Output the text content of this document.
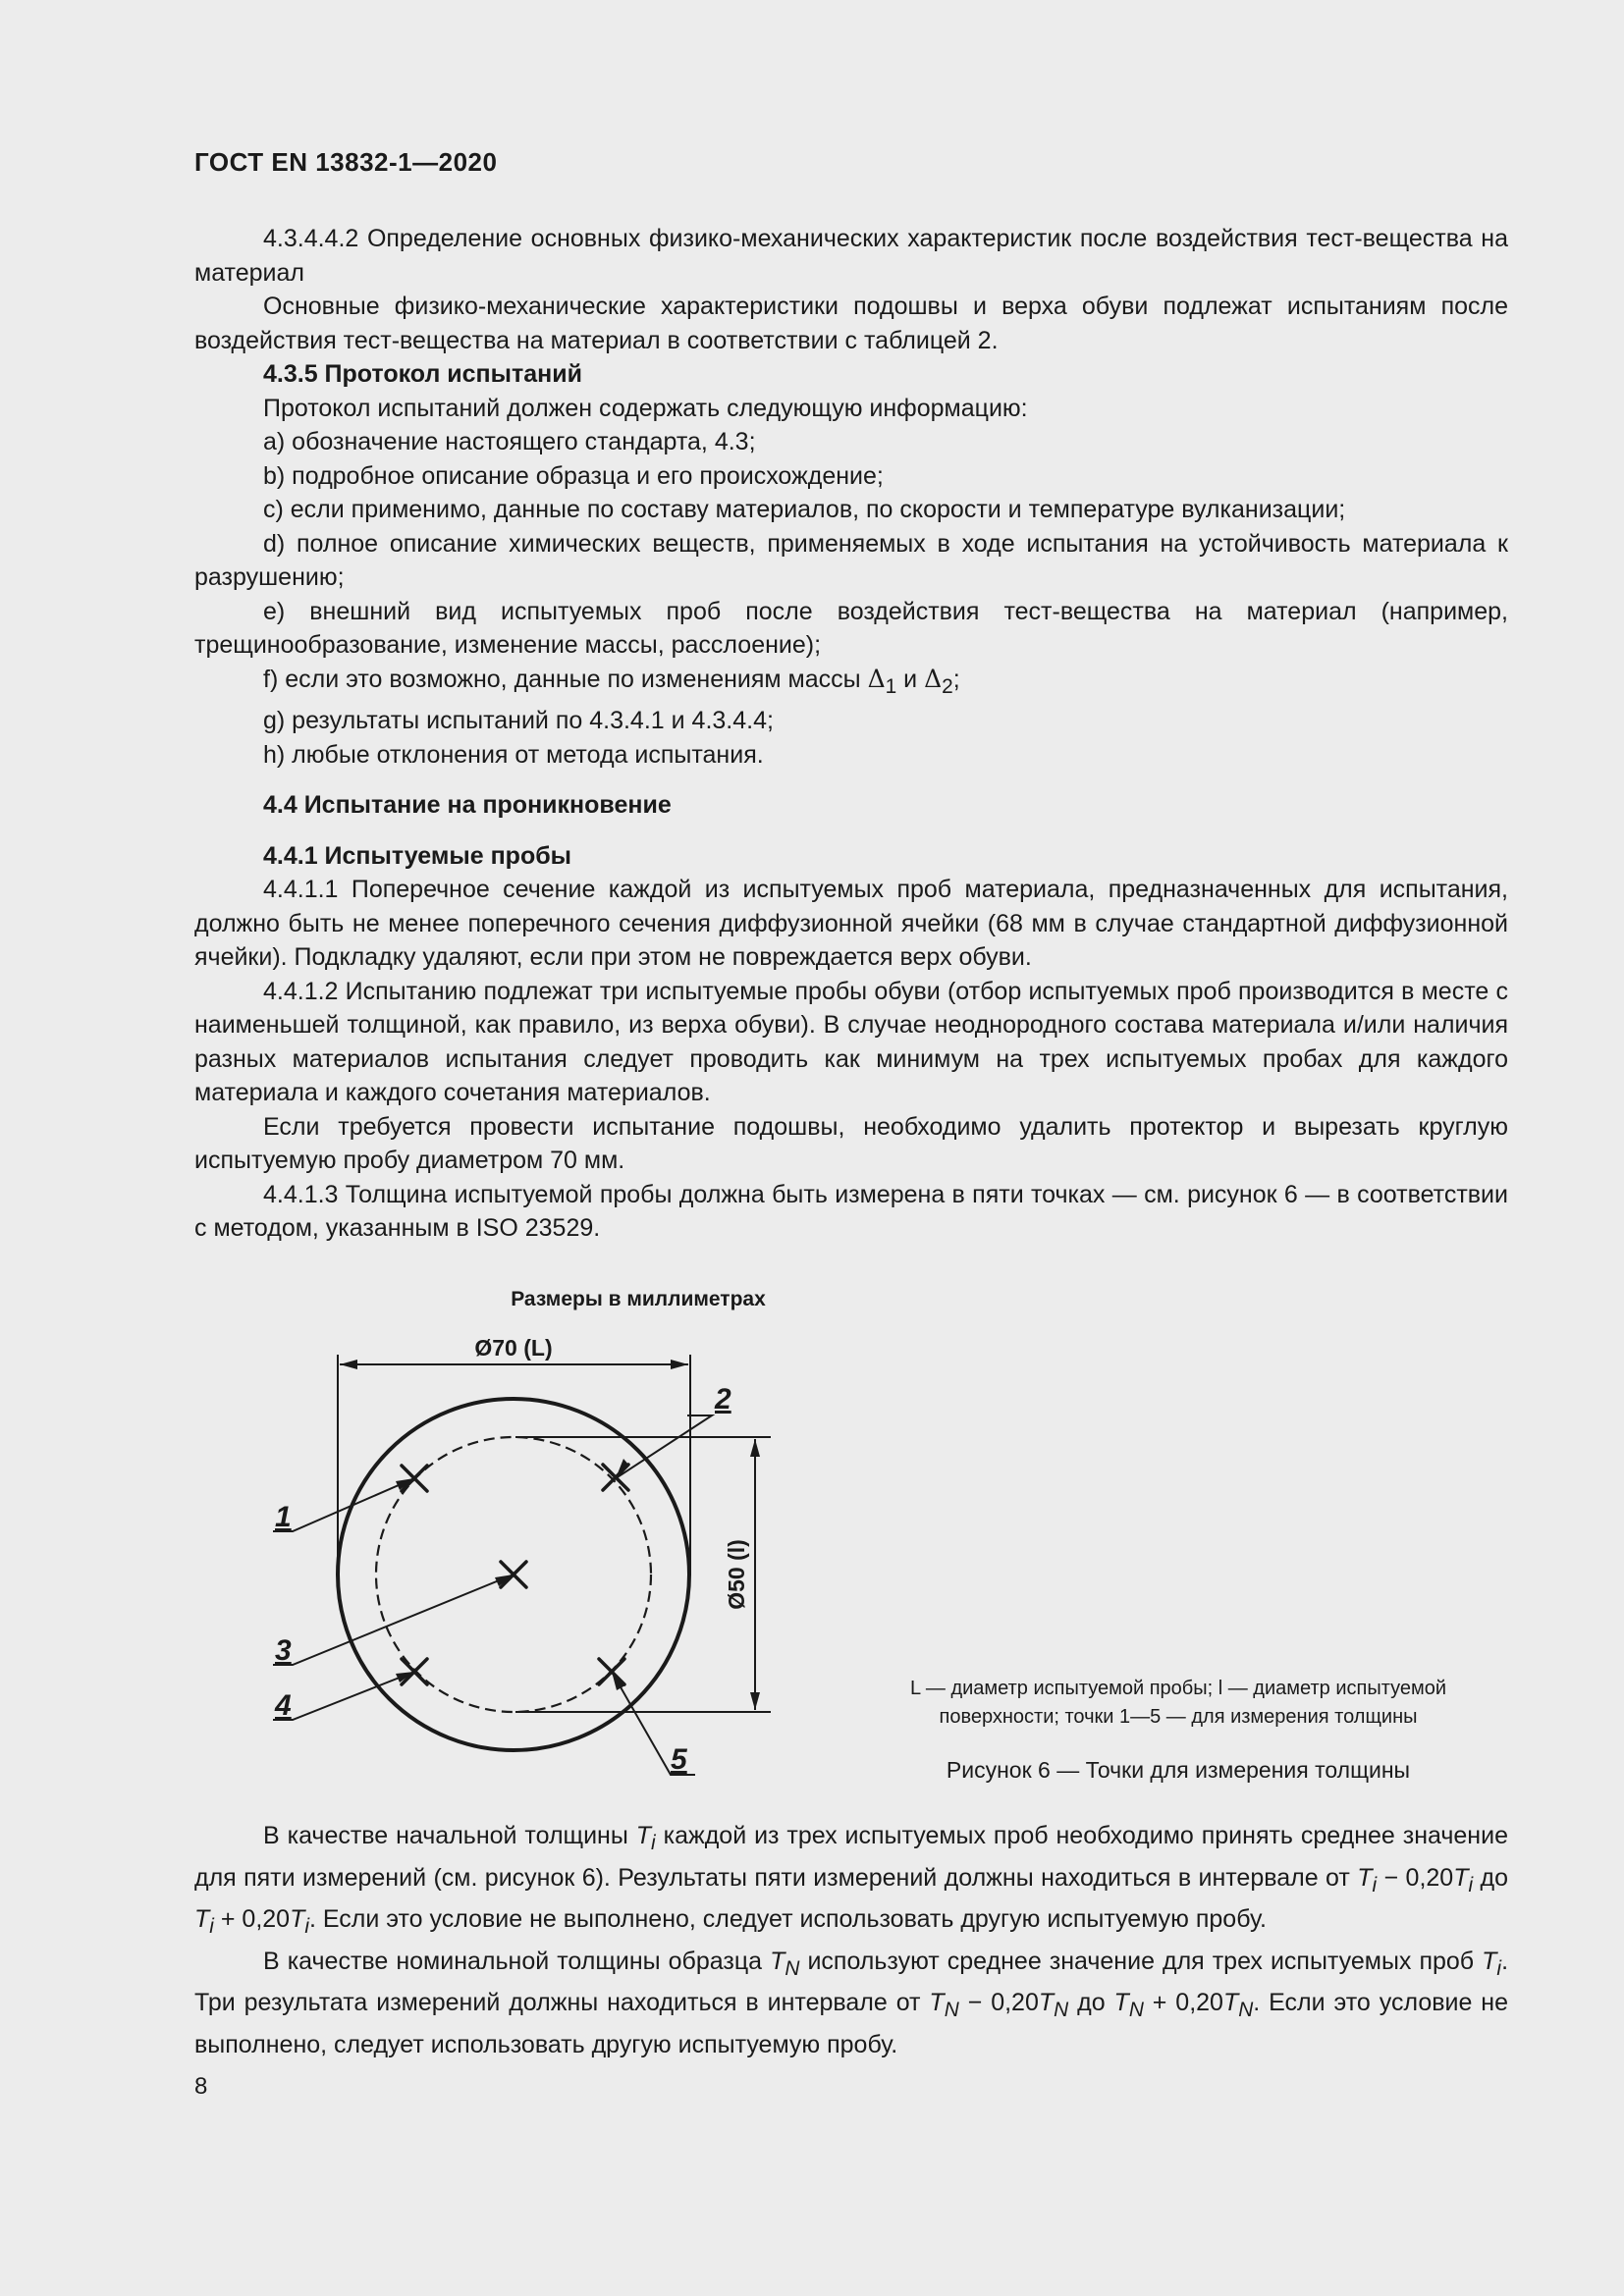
ГОСТ EN 13832-1—2020

4.3.4.4.2 Определение основных физико-механических характеристик после воздействия тест-вещества на материал

Основные физико-механические характеристики подошвы и верха обуви подлежат испытаниям после воздействия тест-вещества на материал в соответствии с таблицей 2.

4.3.5 Протокол испытаний

Протокол испытаний должен содержать следующую информацию:

a) обозначение настоящего стандарта, 4.3;

b) подробное описание образца и его происхождение;

c) если применимо, данные по составу материалов, по скорости и температуре вулканизации;

d) полное описание химических веществ, применяемых в ходе испытания на устойчивость материала к разрушению;

e) внешний вид испытуемых проб после воздействия тест-вещества на материал (например, трещинообразование, изменение массы, расслоение);

f) если это возможно, данные по изменениям массы $\Delta_1$ и $\Delta_2$;

g) результаты испытаний по 4.3.4.1 и 4.3.4.4;

h) любые отклонения от метода испытания.

4.4 Испытание на проникновение

4.4.1 Испытуемые пробы

4.4.1.1 Поперечное сечение каждой из испытуемых проб материала, предназначенных для испытания, должно быть не менее поперечного сечения диффузионной ячейки (68 мм в случае стандартной диффузионной ячейки). Подкладку удаляют, если при этом не повреждается верх обуви.

4.4.1.2 Испытанию подлежат три испытуемые пробы обуви (отбор испытуемых проб производится в месте с наименьшей толщиной, как правило, из верха обуви). В случае неоднородного состава материала и/или наличия разных материалов испытания следует проводить как минимум на трех испытуемых пробах для каждого материала и каждого сочетания материалов.

Если требуется провести испытание подошвы, необходимо удалить протектор и вырезать круглую испытуемую пробу диаметром 70 мм.

4.4.1.3 Толщина испытуемой пробы должна быть измерена в пяти точках — см. рисунок 6 — в соответствии с методом, указанным в ISO 23529.

Размеры в миллиметрах
Ø70 (L)
Ø50 (l)
1
2
3
4
5
L — диаметр испытуемой пробы; l — диаметр испытуемой
поверхности; точки 1—5 — для измерения толщины
Рисунок 6 — Точки для измерения толщины

В качестве начальной толщины $T_i$ каждой из трех испытуемых проб необходимо принять среднее значение для пяти измерений (см. рисунок 6). Результаты пяти измерений должны находиться в интервале от $T_i - 0,20T_i$ до $T_i + 0,20T_i$. Если это условие не выполнено, следует использовать другую испытуемую пробу.

В качестве номинальной толщины образца $T_N$ используют среднее значение для трех испытуемых проб $T_i$. Три результата измерений должны находиться в интервале от $T_N - 0,20T_N$ до $T_N + 0,20T_N$. Если это условие не выполнено, следует использовать другую испытуемую пробу.

8
